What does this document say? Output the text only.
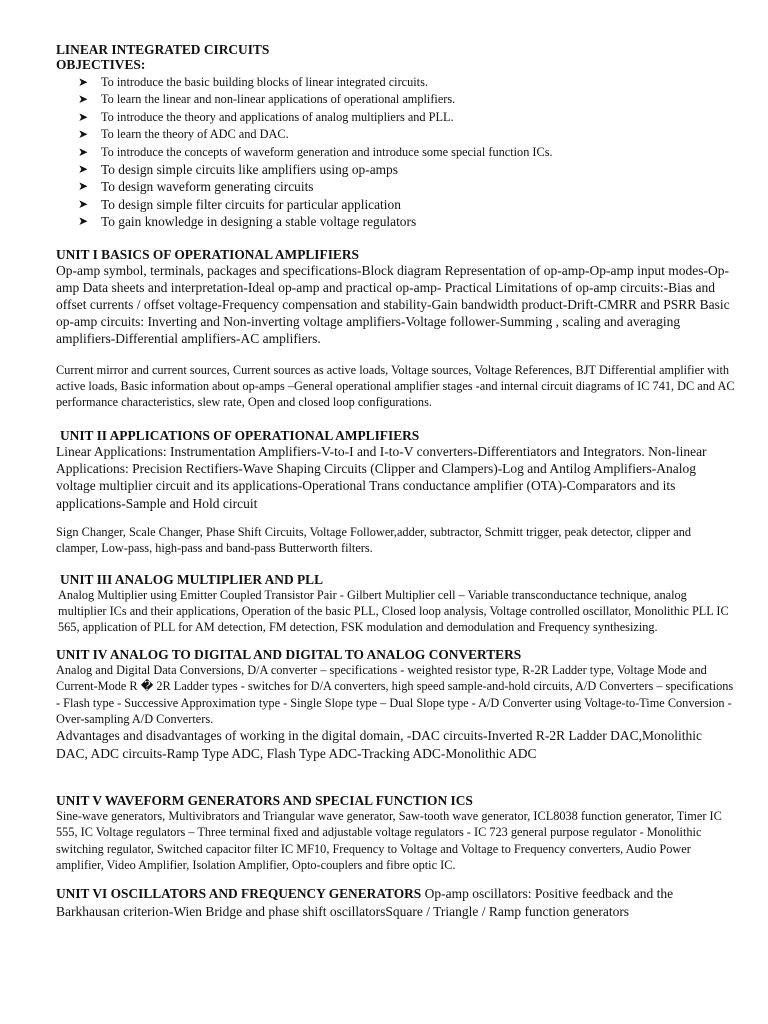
LINEAR INTEGRATED CIRCUITS

OBJECTIVES:

➤ To introduce the basic building blocks of linear integrated circuits.
➤ To learn the linear and non-linear applications of operational amplifiers.
➤ To introduce the theory and applications of analog multipliers and PLL.
➤ To learn the theory of ADC and DAC.
➤ To introduce the concepts of waveform generation and introduce some special function ICs.
➤ To design simple circuits like amplifiers using op-amps
➤ To design waveform generating circuits
➤ To design simple filter circuits for particular application
➤ To gain knowledge in designing a stable voltage regulators

UNIT I BASICS OF OPERATIONAL AMPLIFIERS

Op-amp symbol, terminals, packages and specifications-Block diagram Representation of op-amp-Op-amp input modes-Op-amp Data sheets and interpretation-Ideal op-amp and practical op-amp- Practical Limitations of op-amp circuits:-Bias and offset currents / offset voltage-Frequency compensation and stability-Gain bandwidth product-Drift-CMRR and PSRR Basic op-amp circuits: Inverting and Non-inverting voltage amplifiers-Voltage follower-Summing , scaling and averaging amplifiers-Differential amplifiers-AC amplifiers.

Current mirror and current sources, Current sources as active loads, Voltage sources, Voltage References, BJT Differential amplifier with active loads, Basic information about op-amps –General operational amplifier stages -and internal circuit diagrams of IC 741, DC and AC performance characteristics, slew rate, Open and closed loop configurations.

UNIT II APPLICATIONS OF OPERATIONAL AMPLIFIERS

Linear Applications: Instrumentation Amplifiers-V-to-I and I-to-V converters-Differentiators and Integrators. Non-linear Applications: Precision Rectifiers-Wave Shaping Circuits (Clipper and Clampers)-Log and Antilog Amplifiers-Analog voltage multiplier circuit and its applications-Operational Trans conductance amplifier (OTA)-Comparators and its applications-Sample and Hold circuit

Sign Changer, Scale Changer, Phase Shift Circuits, Voltage Follower,adder, subtractor, Schmitt trigger, peak detector, clipper and clamper, Low-pass, high-pass and band-pass Butterworth filters.

UNIT III ANALOG MULTIPLIER AND PLL

Analog Multiplier using Emitter Coupled Transistor Pair - Gilbert Multiplier cell – Variable transconductance technique, analog multiplier ICs and their applications, Operation of the basic PLL, Closed loop analysis, Voltage controlled oscillator, Monolithic PLL IC 565, application of PLL for AM detection, FM detection, FSK modulation and demodulation and Frequency synthesizing.

UNIT IV ANALOG TO DIGITAL AND DIGITAL TO ANALOG CONVERTERS

Analog and Digital Data Conversions, D/A converter – specifications - weighted resistor type, R-2R Ladder type, Voltage Mode and Current-Mode R � 2R Ladder types - switches for D/A converters, high speed sample-and-hold circuits, A/D Converters – specifications - Flash type - Successive Approximation type - Single Slope type – Dual Slope type - A/D Converter using Voltage-to-Time Conversion - Over-sampling A/D Converters.

Advantages and disadvantages of working in the digital domain, -DAC circuits-Inverted R-2R Ladder DAC,Monolithic DAC, ADC circuits-Ramp Type ADC, Flash Type ADC-Tracking ADC-Monolithic ADC

UNIT V WAVEFORM GENERATORS AND SPECIAL FUNCTION ICS

Sine-wave generators, Multivibrators and Triangular wave generator, Saw-tooth wave generator, ICL8038 function generator, Timer IC 555, IC Voltage regulators – Three terminal fixed and adjustable voltage regulators - IC 723 general purpose regulator - Monolithic switching regulator, Switched capacitor filter IC MF10, Frequency to Voltage and Voltage to Frequency converters, Audio Power amplifier, Video Amplifier, Isolation Amplifier, Opto-couplers and fibre optic IC.

UNIT VI OSCILLATORS AND FREQUENCY GENERATORS Op-amp oscillators: Positive feedback and the Barkhausan criterion-Wien Bridge and phase shift oscillatorsSquare / Triangle / Ramp function generators
